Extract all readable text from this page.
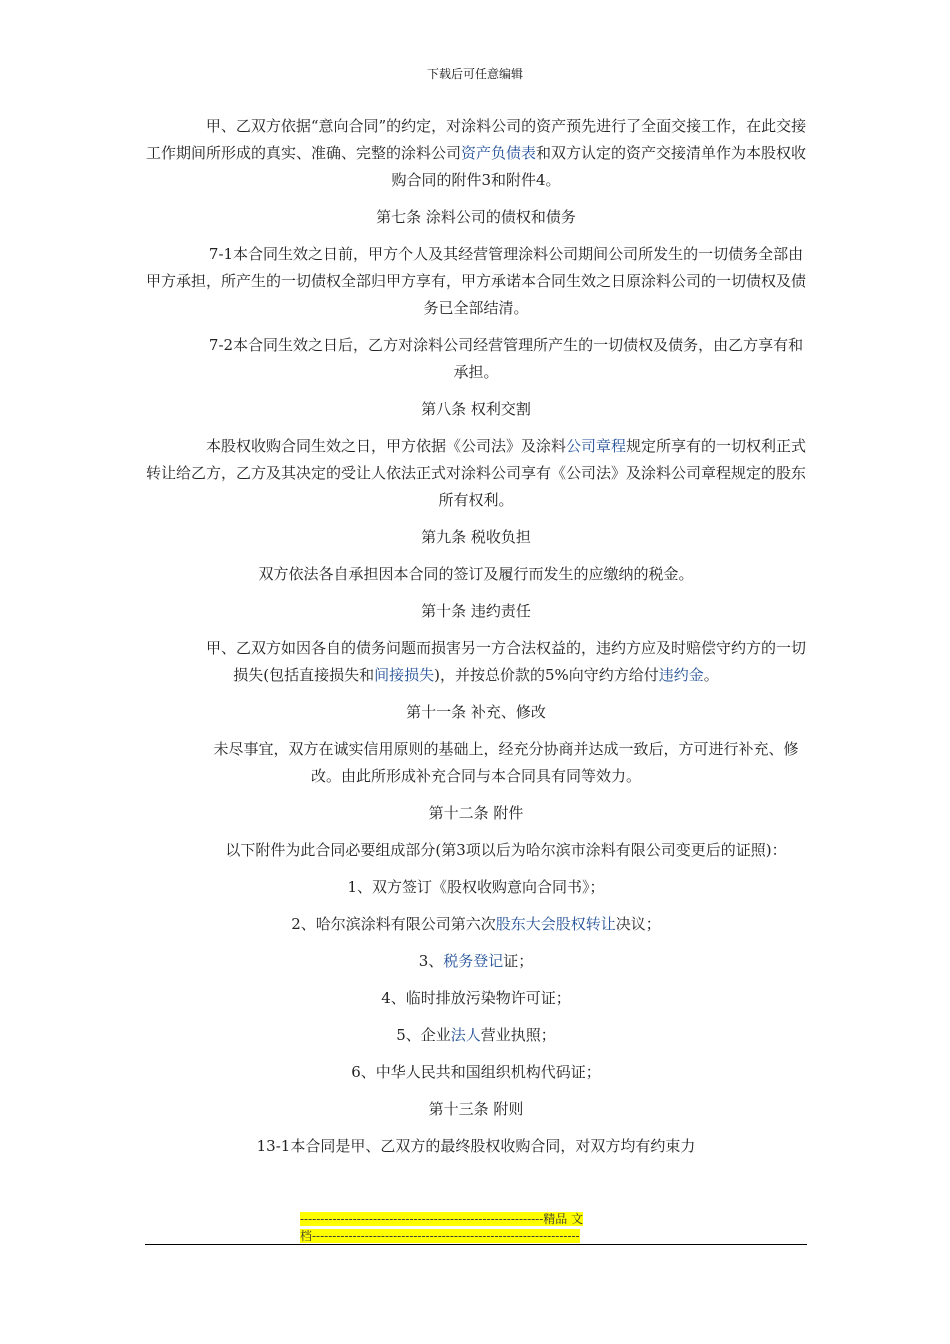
下载后可任意编辑
甲、乙双方依据“意向合同”的约定，对涂料公司的资产预先进行了全面交接工作，在此交接工作期间所形成的真实、准确、完整的涂料公司资产负债表和双方认定的资产交接清单作为本股权收购合同的附件3和附件4。
第七条 涂料公司的债权和债务
7-1本合同生效之日前，甲方个人及其经营管理涂料公司期间公司所发生的一切债务全部由甲方承担，所产生的一切债权全部归甲方享有，甲方承诺本合同生效之日原涂料公司的一切债权及债务已全部结清。
7-2本合同生效之日后，乙方对涂料公司经营管理所产生的一切债权及债务，由乙方享有和承担。
第八条 权利交割
本股权收购合同生效之日，甲方依据《公司法》及涂料公司章程规定所享有的一切权利正式转让给乙方，乙方及其决定的受让人依法正式对涂料公司享有《公司法》及涂料公司章程规定的股东所有权利。
第九条 税收负担
双方依法各自承担因本合同的签订及履行而发生的应缴纳的税金。
第十条 违约责任
甲、乙双方如因各自的债务问题而损害另一方合法权益的，违约方应及时赔偿守约方的一切损失(包括直接损失和间接损失)，并按总价款的5%向守约方给付违约金。
第十一条 补充、修改
未尽事宜，双方在诚实信用原则的基础上，经充分协商并达成一致后，方可进行补充、修改。由此所形成补充合同与本合同具有同等效力。
第十二条 附件
以下附件为此合同必要组成部分(第3项以后为哈尔滨市涂料有限公司变更后的证照)：
1、双方签订《股权收购意向合同书》；
2、哈尔滨涂料有限公司第六次股东大会股权转让决议；
3、税务登记证；
4、临时排放污染物许可证；
5、企业法人营业执照；
6、中华人民共和国组织机构代码证；
第十三条 附则
13-1本合同是甲、乙双方的最终股权收购合同，对双方均有约束力
------------------------------------------------------------精品 文
档------------------------------------------------------------------
